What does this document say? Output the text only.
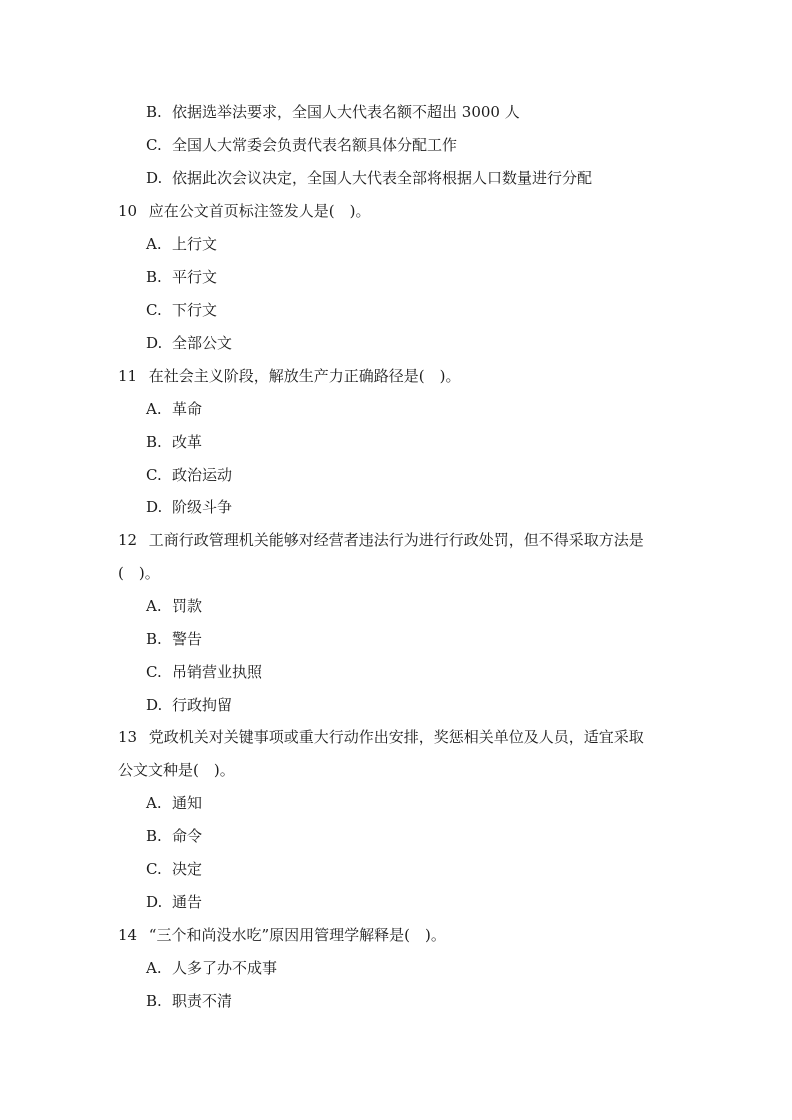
B. 依据选举法要求，全国人大代表名额不超出 3000 人
C. 全国人大常委会负责代表名额具体分配工作
D. 依据此次会议决定，全国人大代表全部将根据人口数量进行分配
10 应在公文首页标注签发人是(　)。
A. 上行文
B. 平行文
C. 下行文
D. 全部公文
11 在社会主义阶段，解放生产力正确路径是(　)。
A. 革命
B. 改革
C. 政治运动
D. 阶级斗争
12 工商行政管理机关能够对经营者违法行为进行行政处罚，但不得采取方法是
(　)。
A. 罚款
B. 警告
C. 吊销营业执照
D. 行政拘留
13 党政机关对关键事项或重大行动作出安排，奖惩相关单位及人员，适宜采取
公文文种是(　)。
A. 通知
B. 命令
C. 决定
D. 通告
14 “三个和尚没水吃”原因用管理学解释是(　)。
A. 人多了办不成事
B. 职责不清
